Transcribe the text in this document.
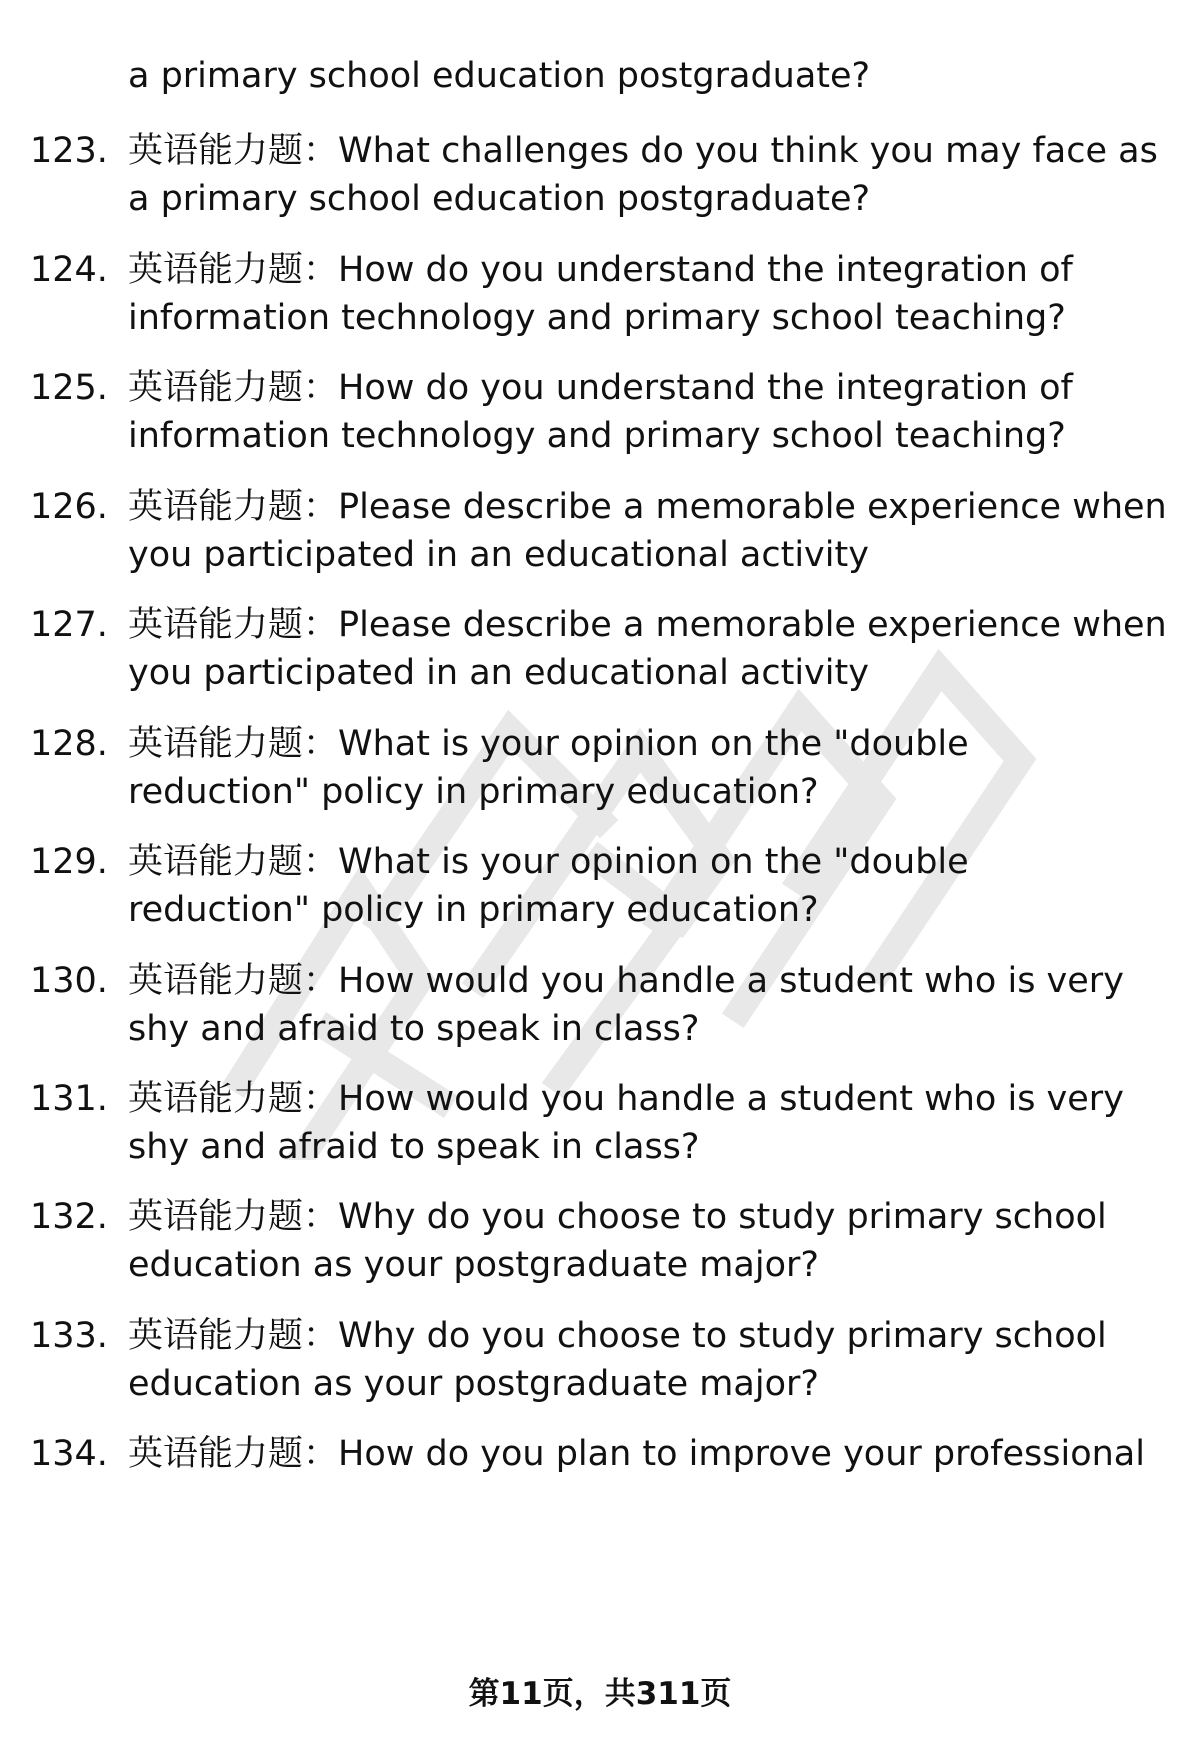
a primary school education postgraduate?
123. 英语能力题：What challenges do you think you may face as
a primary school education postgraduate?
124. 英语能力题：How do you understand the integration of
information technology and primary school teaching?
125. 英语能力题：How do you understand the integration of
information technology and primary school teaching?
126. 英语能力题：Please describe a memorable experience when
you participated in an educational activity
127. 英语能力题：Please describe a memorable experience when
you participated in an educational activity
128. 英语能力题：What is your opinion on the "double
reduction" policy in primary education?
129. 英语能力题：What is your opinion on the "double
reduction" policy in primary education?
130. 英语能力题：How would you handle a student who is very
shy and afraid to speak in class?
131. 英语能力题：How would you handle a student who is very
shy and afraid to speak in class?
132. 英语能力题：Why do you choose to study primary school
education as your postgraduate major?
133. 英语能力题：Why do you choose to study primary school
education as your postgraduate major?
134. 英语能力题：How do you plan to improve your professional
第11页，共311页
